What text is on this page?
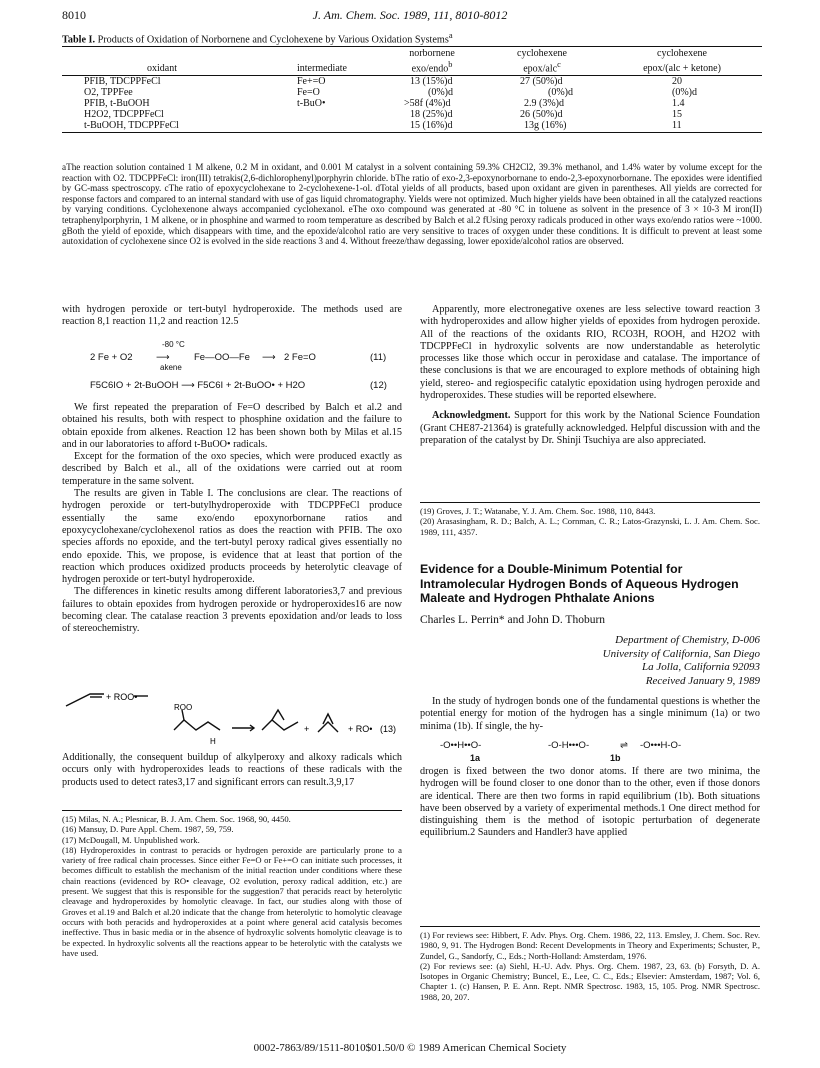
8010	J. Am. Chem. Soc. 1989, 111, 8010-8012
Table I. Products of Oxidation of Norbornene and Cyclohexene by Various Oxidation Systems$^a$
		norbornene	cyclohexene	cyclohexene
oxidant	intermediate	exo/endo$^b$	epox/alc$^c$	epox/(alc + ketone)
PFIB, TDCPPFeCl	Fe+=O	13 (15%)d	27 (50%)d	20
O2, TPPFee	Fe=O	(0%)d	(0%)d	(0%)d
PFIB, t-BuOOH	t-BuO•	>58f (4%)d	2.9 (3%)d	1.4
H2O2, TDCPPFeCl		18 (25%)d	26 (50%)d	15
t-BuOOH, TDCPPFeCl		15 (16%)d	13g (16%)	11
aThe reaction solution contained 1 M alkene, 0.2 M in oxidant, and 0.001 M catalyst in a solvent containing 59.3% CH2Cl2, 39.3% methanol, and 1.4% water by volume except for the reaction with O2. TDCPPFeCl: iron(III) tetrakis(2,6-dichlorophenyl)porphyrin chloride. bThe ratio of exo-2,3-epoxynorbornane to endo-2,3-epoxynorbornane. The epoxides were identified by GC-mass spectroscopy. cThe ratio of epoxycyclohexane to 2-cyclohexene-1-ol. dTotal yields of all products, based upon oxidant are given in parentheses. All yields are corrected for response factors and compared to an internal standard with use of gas liquid chromatography. Yields were not optimized. Much higher yields have been obtained in all the catalyzed reactions by varying conditions. Cyclohexenone always accompanied cyclohexanol. eThe oxo compound was generated at -80 °C in toluene as solvent in the presence of 3 × 10-3 M iron(II) tetraphenylporphyrin, 1 M alkene, or in phosphine and warmed to room temperature as described by Balch et al.2 fUsing peroxy radicals produced in other ways exo/endo ratios were ~1000. gBoth the yield of epoxide, which disappears with time, and the epoxide/alcohol ratio are very sensitive to traces of oxygen under these conditions. It is difficult to prevent at least some autoxidation of cyclohexene since O2 is evolved in the side reactions 3 and 4. Without freeze/thaw degassing, lower epoxide/alcohol ratios are observed.

with hydrogen peroxide or tert-butyl hydroperoxide. The methods used are reaction 8,1 reaction 11,2 and reaction 12.5

2 Fe + O2
-80 °C
⟶
akene
Fe—OO—Fe ⟶ 2 Fe=O	(11)
F5C6IO + 2t-BuOOH ⟶ F5C6I + 2t-BuOO• + H2O	(12)

We first repeated the preparation of Fe=O described by Balch et al.2 and obtained his results, both with respect to phosphine oxidation and the failure to obtain epoxide from alkenes. Reaction 12 has been shown both by Milas et al.15 and in our laboratories to afford t-BuOO• radicals.

Except for the formation of the oxo species, which were produced exactly as described by Balch et al., all of the oxidations were carried out at room temperature in the same solvent.

The results are given in Table I. The conclusions are clear. The reactions of hydrogen peroxide or tert-butylhydroperoxide with TDCPPFeCl produce essentially the same exo/endo epoxynorbornane ratios and epoxycyclohexane/cyclohexenol ratios as does the reaction with PFIB. The oxo species affords no epoxide, and the tert-butyl peroxy radical gives essentially no endo epoxide. This, we propose, is evidence that at least that portion of the reaction which produces oxidized products proceeds by heterolytic cleavage of hydrogen peroxide or tert-butyl hydroperoxide.

The differences in kinetic results among different laboratories3,7 and previous failures to obtain epoxides from hydrogen peroxide or hydroperoxides16 are now becoming clear. The catalase reaction 3 prevents epoxidation and/or leads to loss of stereochemistry.

+ ROO•
ROO
H
+	+ RO• (13)

Additionally, the consequent buildup of alkylperoxy and alkoxy radicals which occurs only with hydroperoxides leads to reactions of these radicals with the products used to detect rates3,17 and significant errors can result.3,9,17

(15) Milas, N. A.; Plesnicar, B. J. Am. Chem. Soc. 1968, 90, 4450.
(16) Mansuy, D. Pure Appl. Chem. 1987, 59, 759.
(17) McDougall, M. Unpublished work.
(18) Hydroperoxides in contrast to peracids or hydrogen peroxide are particularly prone to a variety of free radical chain processes. Since either Fe=O or Fe+=O can initiate such processes, it becomes difficult to establish the mechanism of the initial reaction under conditions where these chain reactions (evidenced by RO• cleavage, O2 evolution, peroxy radical addition, etc.) are present. We suggest that this is responsible for the suggestion7 that peracids react by heterolytic cleavage and hydroperoxides by homolytic cleavage. In fact, our studies along with those of Groves et al.19 and Balch et al.20 indicate that the change from heterolytic to homolytic cleavage occurs with both peracids and hydroperoxides at a point where general acid catalysis becomes ineffective. Thus in basic media or in the absence of hydroxylic solvents homolytic cleavage is to be expected. In hydroxylic solvents all the reactions appear to be heterolytic with the catalysts we have used.

Apparently, more electronegative oxenes are less selective toward reaction 3 with hydroperoxides and allow higher yields of epoxides from hydrogen peroxide. All of the reactions of the oxidants RIO, RCO3H, ROOH, and H2O2 with TDCPPFeCl in hydroxylic solvents are now understandable as heterolytic processes like those which occur in peroxidase and catalase. The importance of these conclusions is that we are encouraged to explore methods of obtaining high yield, stereo- and regiospecific catalytic epoxidation using hydrogen peroxide and hydroperoxides. These studies will be reported elsewhere.

Acknowledgment. Support for this work by the National Science Foundation (Grant CHE87-21364) is gratefully acknowledged. Helpful discussion with and the preparation of the catalyst by Dr. Shinji Tsuchiya are also appreciated.

(19) Groves, J. T.; Watanabe, Y. J. Am. Chem. Soc. 1988, 110, 8443.
(20) Arasasingham, R. D.; Balch, A. L.; Cornman, C. R.; Latos-Grazynski, L. J. Am. Chem. Soc. 1989, 111, 4357.
Evidence for a Double-Minimum Potential for Intramolecular Hydrogen Bonds of Aqueous Hydrogen Maleate and Hydrogen Phthalate Anions
Charles L. Perrin* and John D. Thoburn
Department of Chemistry, D-006
University of California, San Diego
La Jolla, California 92093
Received January 9, 1989

In the study of hydrogen bonds one of the fundamental questions is whether the potential energy for motion of the hydrogen has a single minimum (1a) or two minima (1b). If single, the hy-

-O••H••O-	-O-H•••O-	⇌ -O•••H-O-
1a	1b

drogen is fixed between the two donor atoms. If there are two minima, the hydrogen will be found closer to one donor than to the other, even if those donors are identical. There are then two forms in rapid equilibrium (1b). Both situations have been observed by a variety of experimental methods.1 One direct method for distinguishing them is the method of isotopic perturbation of degenerate equilibrium.2 Saunders and Handler3 have applied

(1) For reviews see: Hibbert, F. Adv. Phys. Org. Chem. 1986, 22, 113. Emsley, J. Chem. Soc. Rev. 1980, 9, 91. The Hydrogen Bond: Recent Developments in Theory and Experiments; Schuster, P., Zundel, G., Sandorfy, C., Eds.; North-Holland: Amsterdam, 1976.
(2) For reviews see: (a) Siehl, H.-U. Adv. Phys. Org. Chem. 1987, 23, 63. (b) Forsyth, D. A. Isotopes in Organic Chemistry; Buncel, E., Lee, C. C., Eds.; Elsevier: Amsterdam, 1987; Vol. 6, Chapter 1. (c) Hansen, P. E. Ann. Rept. NMR Spectrosc. 1983, 15, 105. Prog. NMR Spectrosc. 1988, 20, 207.
0002-7863/89/1511-8010$01.50/0 © 1989 American Chemical Society
